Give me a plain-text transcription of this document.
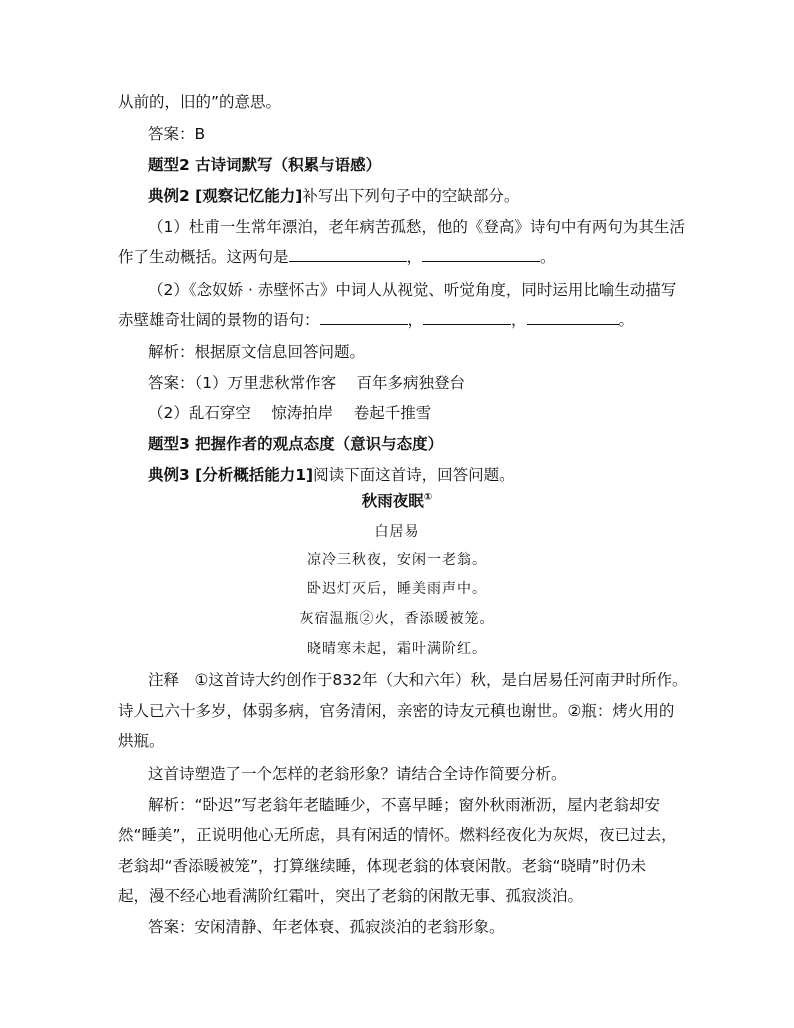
从前的，旧的”的意思。
答案：B
题型2 古诗词默写（积累与语感）
典例2 [观察记忆能力]补写出下列句子中的空缺部分。
（1）杜甫一生常年漂泊，老年病苦孤愁，他的《登高》诗句中有两句为其生活
作了生动概括。这两句是	，	。
（2）《念奴娇 · 赤壁怀古》中词人从视觉、听觉角度，同时运用比喻生动描写
赤壁雄奇壮阔的景物的语句：	，	，	。
解析：根据原文信息回答问题。
答案：（1）万里悲秋常作客　 百年多病独登台
（2）乱石穿空　 惊涛拍岸　 卷起千推雪
题型3 把握作者的观点态度（意识与态度）
典例3 [分析概括能力1]阅读下面这首诗，回答问题。
秋雨夜眠①
白居易
凉冷三秋夜，安闲一老翁。
卧迟灯灭后，睡美雨声中。
灰宿温瓶②火，香添暖被笼。
晓晴寒未起，霜叶满阶红。
注释　①这首诗大约创作于832年（大和六年）秋，是白居易任河南尹时所作。
诗人已六十多岁，体弱多病，官务清闲，亲密的诗友元稹也谢世。②瓶：烤火用的
烘瓶。
这首诗塑造了一个怎样的老翁形象？请结合全诗作简要分析。
解析：“卧迟”写老翁年老瞌睡少，不喜早睡；窗外秋雨淅沥，屋内老翁却安
然“睡美”，正说明他心无所虑，具有闲适的情怀。燃料经夜化为灰烬，夜已过去，
老翁却“香添暖被笼”，打算继续睡，体现老翁的体衰闲散。老翁“晓晴”时仍未
起，漫不经心地看满阶红霜叶，突出了老翁的闲散无事、孤寂淡泊。
答案：安闲清静、年老体衰、孤寂淡泊的老翁形象。
